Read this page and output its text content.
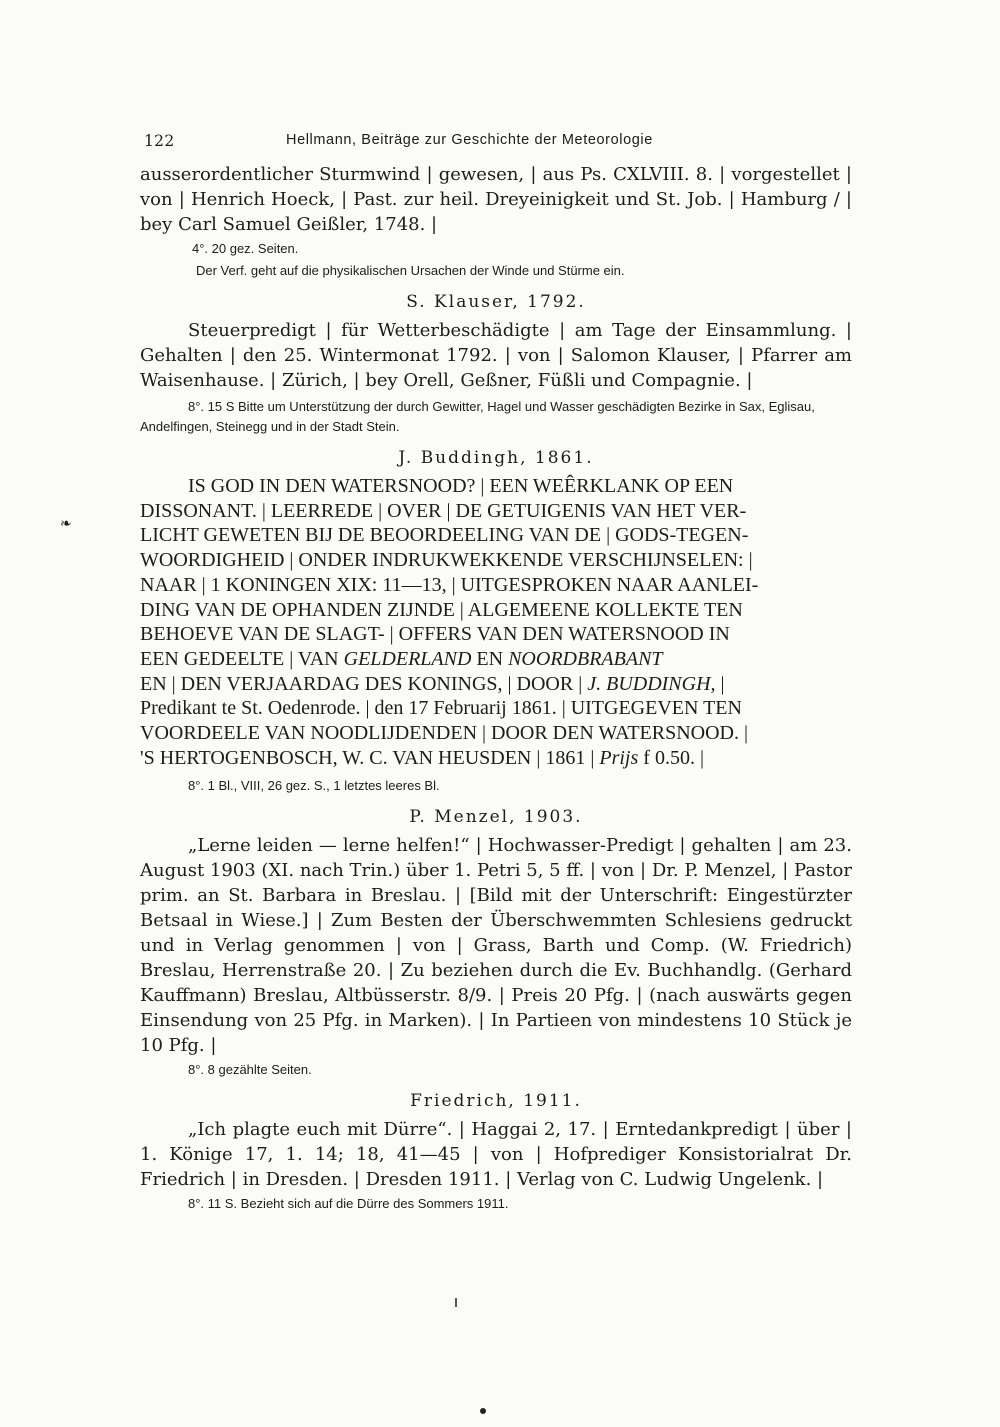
122	Hellmann, Beiträge zur Geschichte der Meteorologie

ausserordentlicher Sturmwind | gewesen, | aus Ps. CXLVIII. 8. | vorgestellet | von | Henrich Hoeck, | Past. zur heil. Dreyeinigkeit und St. Job. | Hamburg / | bey Carl Samuel Geißler, 1748. |

4°. 20 gez. Seiten.

Der Verf. geht auf die physikalischen Ursachen der Winde und Stürme ein.

S. Klauser, 1792.

Steuerpredigt | für Wetterbeschädigte | am Tage der Einsammlung. | Gehalten | den 25. Wintermonat 1792. | von | Salomon Klauser, | Pfarrer am Waisenhause. | Zürich, | bey Orell, Geßner, Füßli und Compagnie. |

8°. 15 S Bitte um Unterstützung der durch Gewitter, Hagel und Wasser geschädigten Bezirke in Sax, Eglisau, Andelfingen, Steinegg und in der Stadt Stein.

J. Buddingh, 1861.

IS GOD IN DEN WATERSNOOD? | EEN WEÊRKLANK OP EEN
DISSONANT. | LEERREDE | OVER | DE GETUIGENIS VAN HET VER-
LICHT GEWETEN BIJ DE BEOORDEELING VAN DE | GODS-TEGEN-
WOORDIGHEID | ONDER INDRUKWEKKENDE VERSCHIJNSELEN: |
NAAR | 1 KONINGEN XIX: 11—13, | UITGESPROKEN NAAR AANLEI-
DING VAN DE OPHANDEN ZIJNDE | ALGEMEENE KOLLEKTE TEN
BEHOEVE VAN DE SLAGT- | OFFERS VAN DEN WATERSNOOD IN
EEN GEDEELTE | VAN GELDERLAND EN NOORDBRABANT
EN | DEN VERJAARDAG DES KONINGS, | DOOR | J. BUDDINGH, |
Predikant te St. Oedenrode. | den 17 Februarij 1861. | UITGEGEVEN TEN
VOORDEELE VAN NOODLIJDENDEN | DOOR DEN WATERSNOOD. |
'S HERTOGENBOSCH, W. C. VAN HEUSDEN | 1861 | Prijs f 0.50. |

8°. 1 Bl., VIII, 26 gez. S., 1 letztes leeres Bl.

P. Menzel, 1903.

„Lerne leiden — lerne helfen!“ | Hochwasser-Predigt | gehalten | am 23. August 1903 (XI. nach Trin.) über 1. Petri 5, 5 ff. | von | Dr. P. Menzel, | Pastor prim. an St. Barbara in Breslau. | [Bild mit der Unterschrift: Eingestürzter Betsaal in Wiese.] | Zum Besten der Überschwemmten Schlesiens gedruckt und in Verlag genommen | von | Grass, Barth und Comp. (W. Friedrich) Breslau, Herrenstraße 20. | Zu beziehen durch die Ev. Buchhandlg. (Gerhard Kauffmann) Breslau, Altbüsserstr. 8/9. | Preis 20 Pfg. | (nach auswärts gegen Einsendung von 25 Pfg. in Marken). | In Partieen von mindestens 10 Stück je 10 Pfg. |

8°. 8 gezählte Seiten.

Friedrich, 1911.

„Ich plagte euch mit Dürre“. | Haggai 2, 17. | Erntedankpredigt | über | 1. Könige 17, 1. 14; 18, 41—45 | von | Hofprediger Konsistorialrat Dr. Friedrich | in Dresden. | Dresden 1911. | Verlag von C. Ludwig Ungelenk. |

8°. 11 S. Bezieht sich auf die Dürre des Sommers 1911.

❧
